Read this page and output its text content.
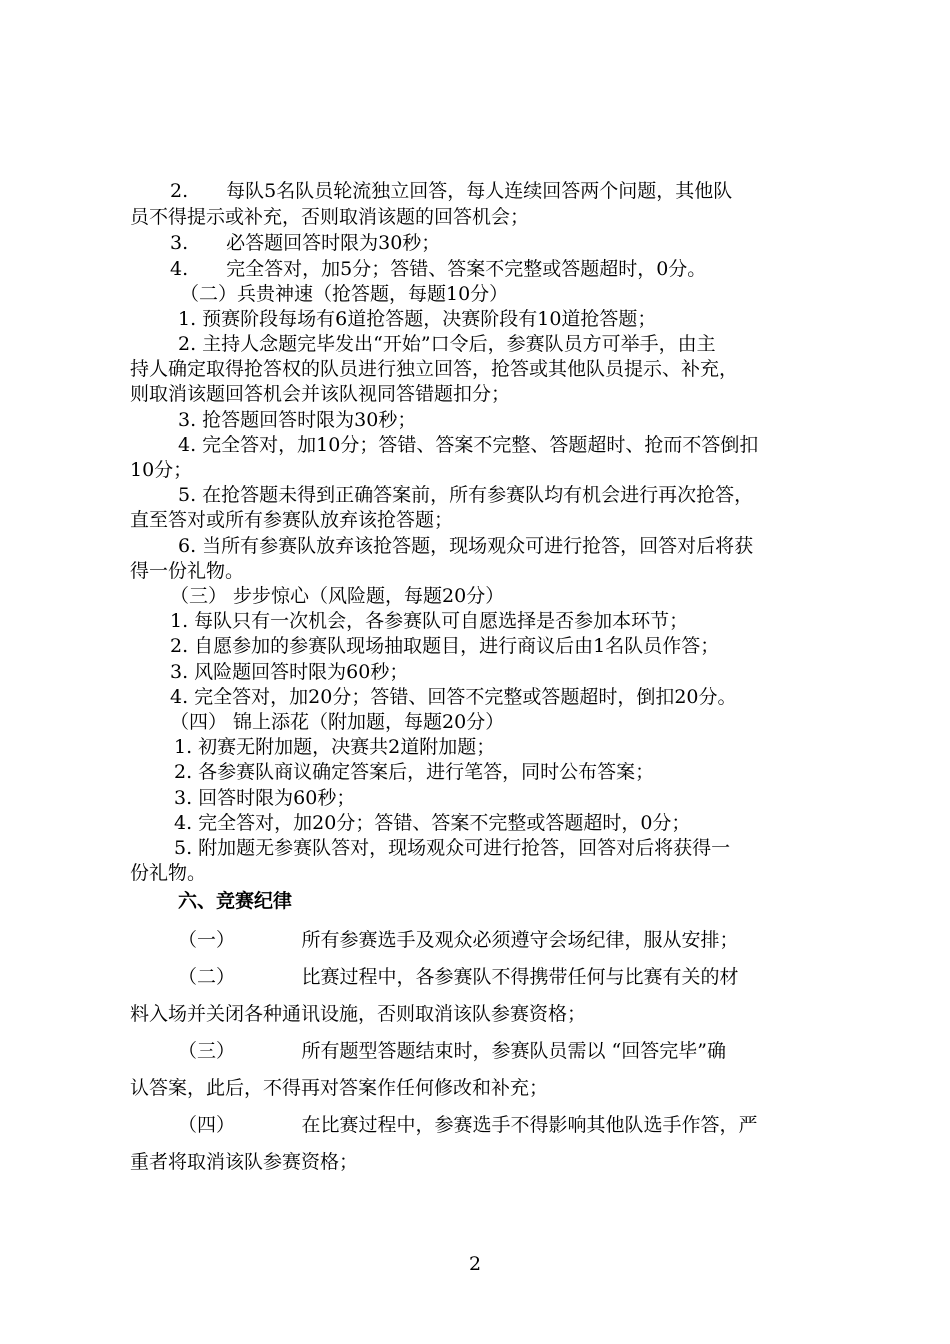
2.　　每队5名队员轮流独立回答，每人连续回答两个问题，其他队
员不得提示或补充，否则取消该题的回答机会；
3.　　必答题回答时限为30秒；
4.　　完全答对，加5分；答错、答案不完整或答题超时，0分。
（二）兵贵神速（抢答题，每题10分）
1. 预赛阶段每场有6道抢答题，决赛阶段有10道抢答题；
2. 主持人念题完毕发出“开始”口令后，参赛队员方可举手，由主
持人确定取得抢答权的队员进行独立回答，抢答或其他队员提示、补充，
则取消该题回答机会并该队视同答错题扣分；
3. 抢答题回答时限为30秒；
4. 完全答对，加10分；答错、答案不完整、答题超时、抢而不答倒扣
10分；
5. 在抢答题未得到正确答案前，所有参赛队均有机会进行再次抢答，
直至答对或所有参赛队放弃该抢答题；
6. 当所有参赛队放弃该抢答题，现场观众可进行抢答，回答对后将获
得一份礼物。
（三） 步步惊心（风险题，每题20分）
1. 每队只有一次机会，各参赛队可自愿选择是否参加本环节；
2. 自愿参加的参赛队现场抽取题目，进行商议后由1名队员作答；
3. 风险题回答时限为60秒；
4. 完全答对，加20分；答错、回答不完整或答题超时，倒扣20分。
（四） 锦上添花（附加题，每题20分）
1. 初赛无附加题，决赛共2道附加题；
2. 各参赛队商议确定答案后，进行笔答，同时公布答案；
3. 回答时限为60秒；
4. 完全答对，加20分；答错、答案不完整或答题超时，0分；
5. 附加题无参赛队答对，现场观众可进行抢答，回答对后将获得一
份礼物。
六、竞赛纪律
（一）　　　　所有参赛选手及观众必须遵守会场纪律，服从安排；
（二）　　　　比赛过程中，各参赛队不得携带任何与比赛有关的材
料入场并关闭各种通讯设施，否则取消该队参赛资格；
（三）　　　　所有题型答题结束时，参赛队员需以 “回答完毕”确
认答案，此后，不得再对答案作任何修改和补充；
（四）　　　　在比赛过程中，参赛选手不得影响其他队选手作答，严
重者将取消该队参赛资格；
2
